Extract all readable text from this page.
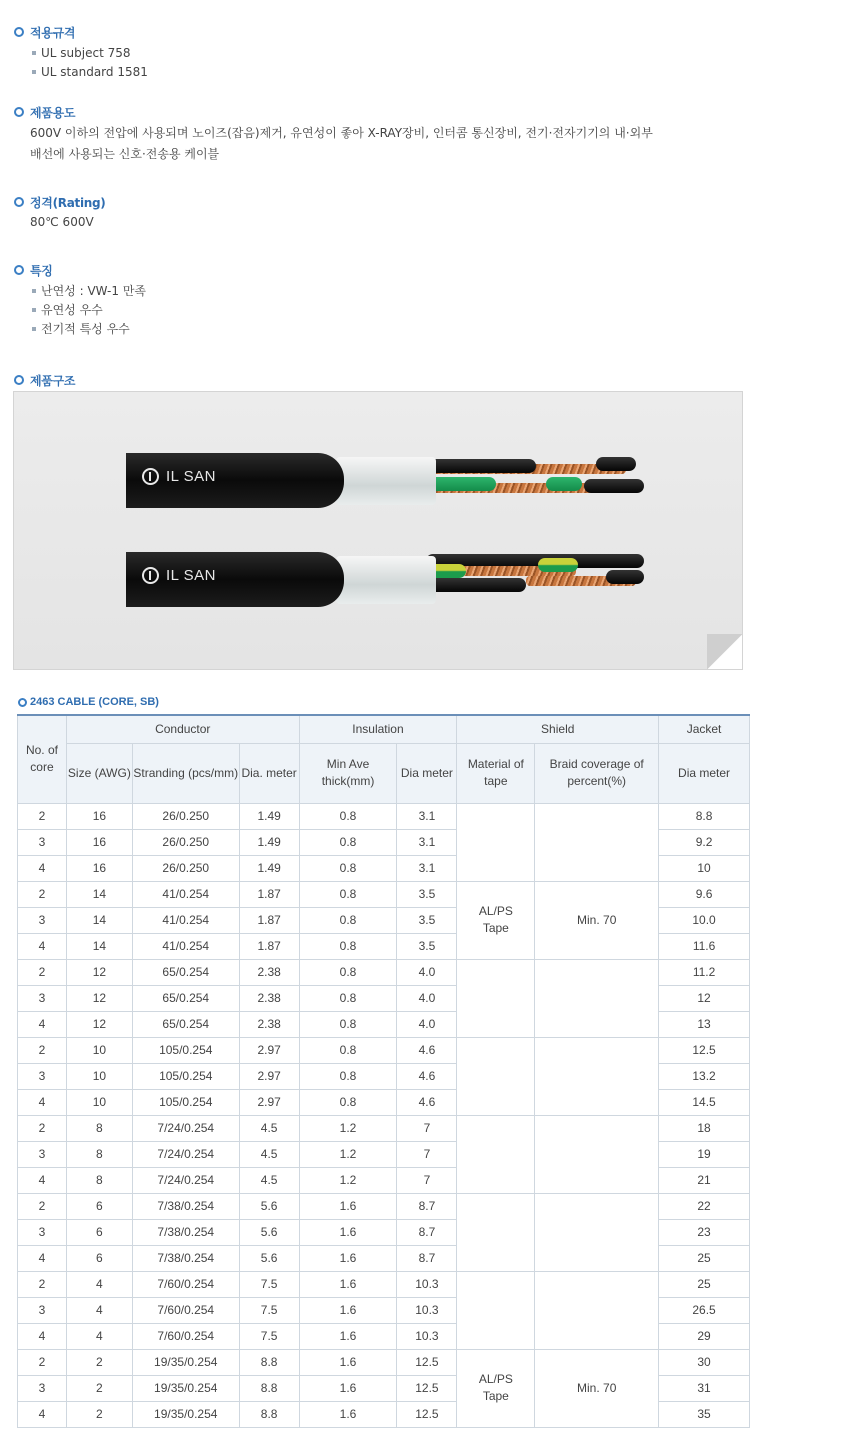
적용규격
UL subject 758
UL standard 1581
제품용도
600V 이하의 전압에 사용되며 노이즈(잡음)제거, 유연성이 좋아 X-RAY장비, 인터콤 통신장비, 전기·전자기기의 내·외부
배선에 사용되는 신호·전송용 케이블
정격(Rating)
80℃ 600V
특징
난연성 : VW-1 만족
유연성 우수
전기적 특성 우수
제품구조
IL SAN
IL SAN
2463 CABLE (CORE, SB)
No. of core	Conductor			Insulation		Shield		Jacket
	Size (AWG)	Stranding (pcs/mm)	Dia. meter	Min Ave thick(mm)	Dia meter	Material of tape	Braid coverage of percent(%)	Dia meter
2	16	26/0.250	1.49	0.8	3.1			8.8
3	16	26/0.250	1.49	0.8	3.1			9.2
4	16	26/0.250	1.49	0.8	3.1			10
2	14	41/0.254	1.87	0.8	3.5	AL/PS Tape	Min. 70	9.6
3	14	41/0.254	1.87	0.8	3.5			10.0
4	14	41/0.254	1.87	0.8	3.5			11.6
2	12	65/0.254	2.38	0.8	4.0			11.2
3	12	65/0.254	2.38	0.8	4.0			12
4	12	65/0.254	2.38	0.8	4.0			13
2	10	105/0.254	2.97	0.8	4.6			12.5
3	10	105/0.254	2.97	0.8	4.6			13.2
4	10	105/0.254	2.97	0.8	4.6			14.5
2	8	7/24/0.254	4.5	1.2	7			18
3	8	7/24/0.254	4.5	1.2	7			19
4	8	7/24/0.254	4.5	1.2	7			21
2	6	7/38/0.254	5.6	1.6	8.7			22
3	6	7/38/0.254	5.6	1.6	8.7			23
4	6	7/38/0.254	5.6	1.6	8.7			25
2	4	7/60/0.254	7.5	1.6	10.3			25
3	4	7/60/0.254	7.5	1.6	10.3			26.5
4	4	7/60/0.254	7.5	1.6	10.3			29
2	2	19/35/0.254	8.8	1.6	12.5	AL/PS Tape	Min. 70	30
3	2	19/35/0.254	8.8	1.6	12.5			31
4	2	19/35/0.254	8.8	1.6	12.5			35
